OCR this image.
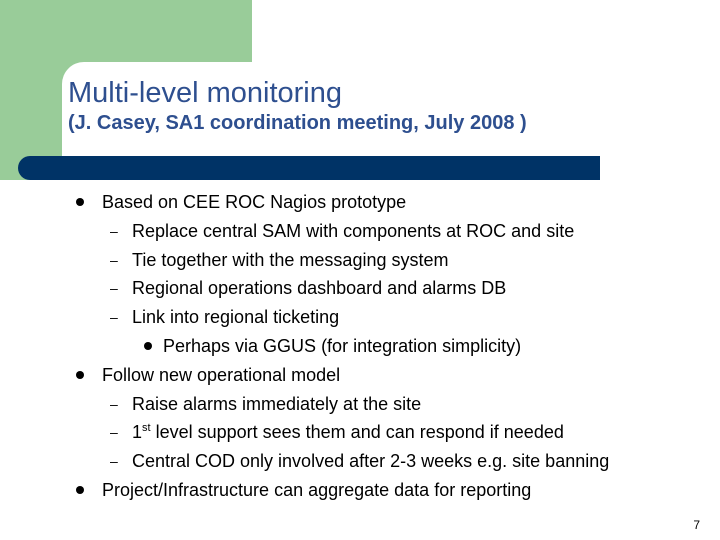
Multi-level monitoring
(J. Casey, SA1 coordination meeting, July 2008 )
Based on CEE ROC Nagios prototype
– Replace central SAM with components at ROC and site
– Tie together with the messaging system
– Regional operations dashboard and alarms DB
– Link into regional ticketing
Perhaps via GGUS (for integration simplicity)
Follow new operational model
– Raise alarms immediately at the site
– 1st level support sees them and can respond if needed
– Central COD only involved after 2-3 weeks e.g. site banning
Project/Infrastructure can aggregate data for reporting
7
